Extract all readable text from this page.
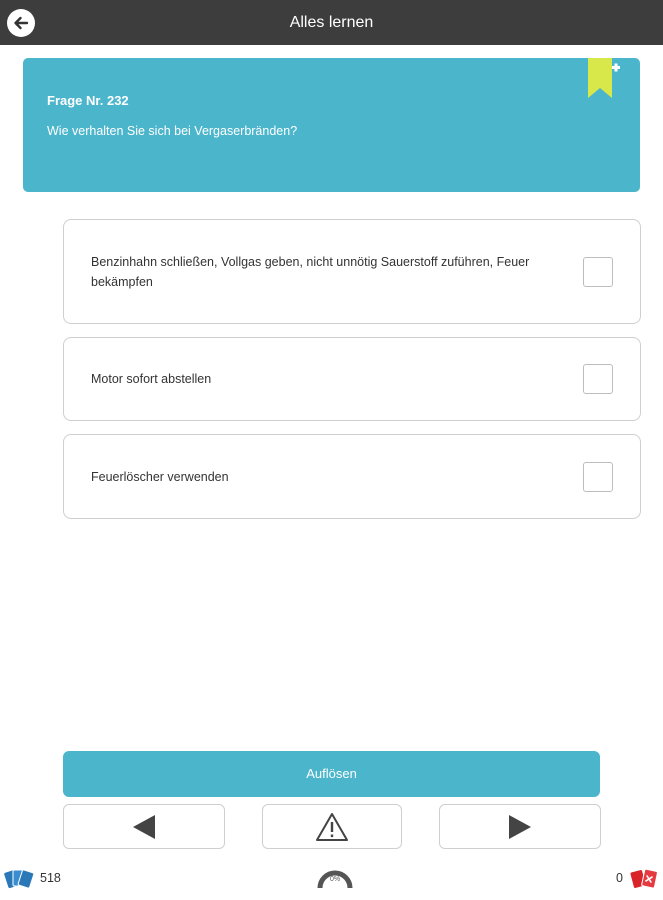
Alles lernen
Frage Nr. 232
Wie verhalten Sie sich bei Vergaserbränden?
Benzinhahn schließen, Vollgas geben, nicht unnötig Sauerstoff zuführen, Feuer bekämpfen
Motor sofort abstellen
Feuerlöscher verwenden
Auflösen
518	0%	0
